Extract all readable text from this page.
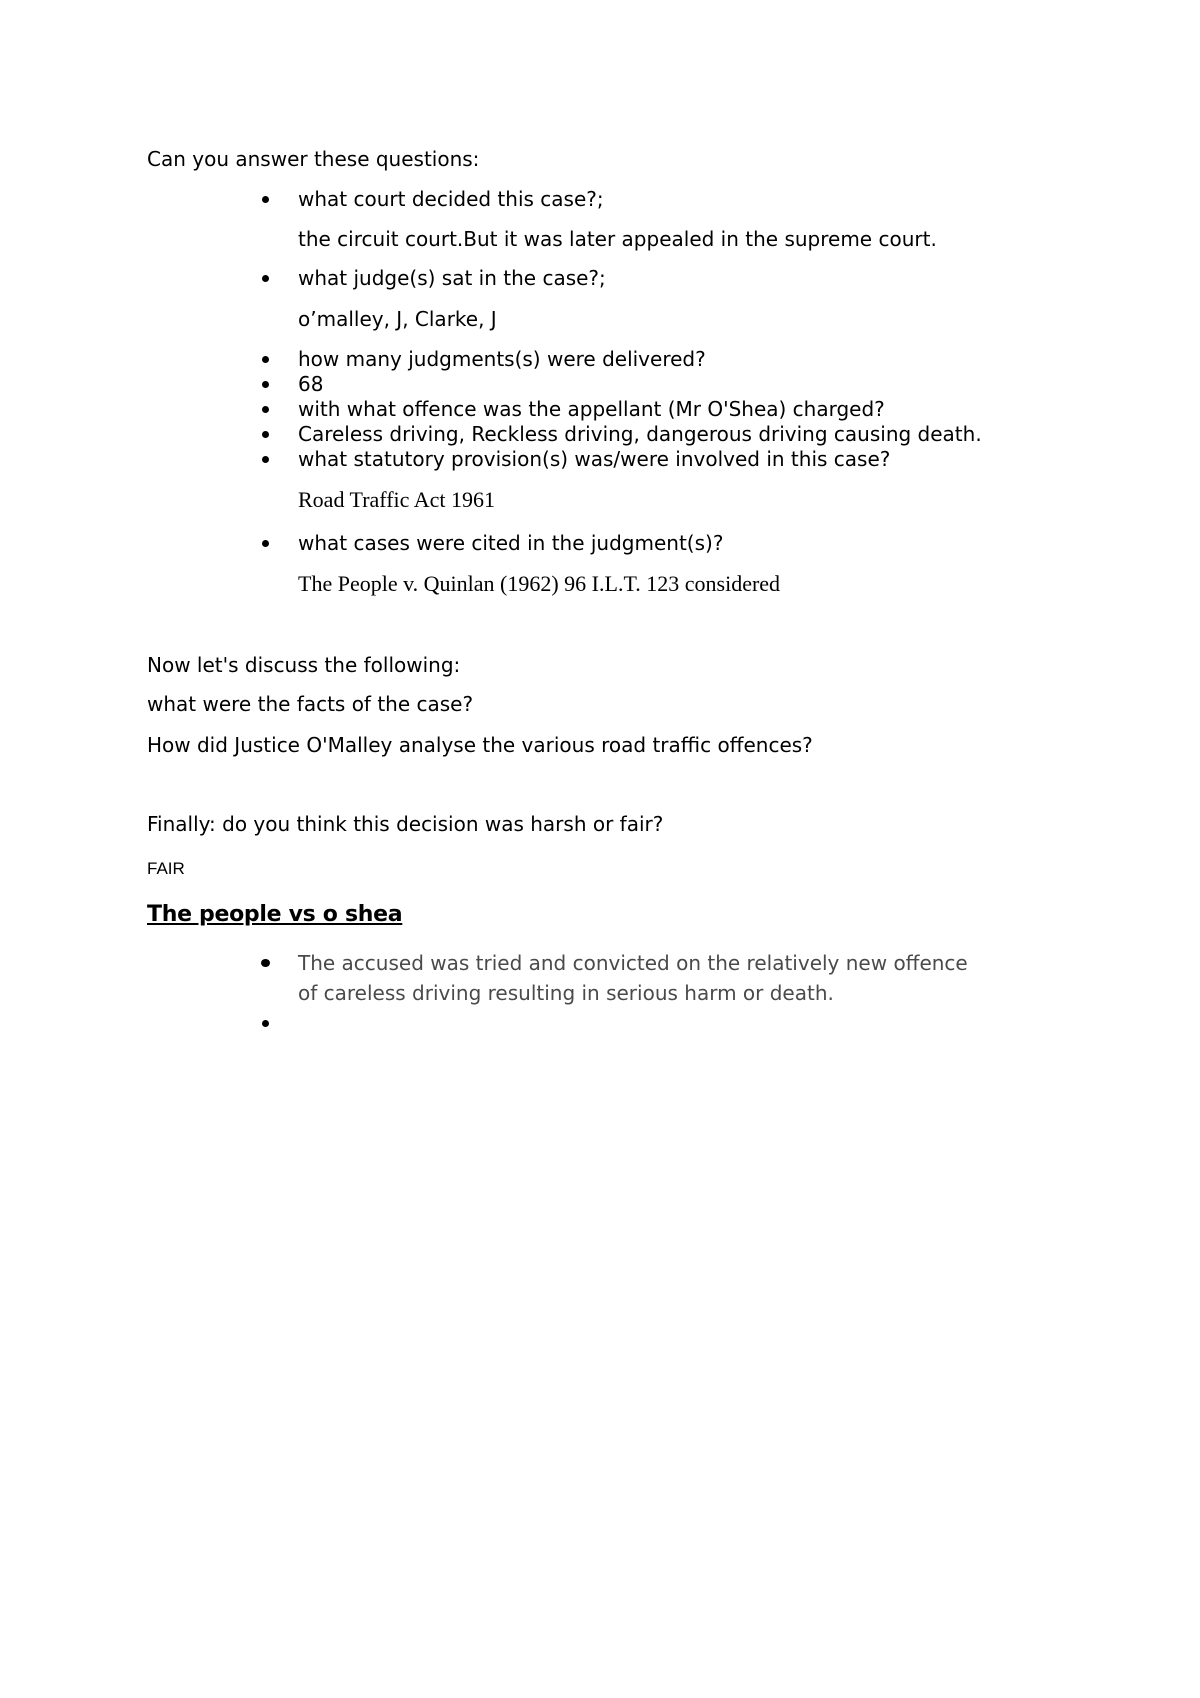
Can you answer these questions:
what court decided this case?;
the circuit court.But it was later appealed in the supreme court.
what judge(s) sat in the case?;
o’malley, J, Clarke, J
how many judgments(s) were delivered?
68
with what offence was the appellant (Mr O'Shea) charged?
Careless driving, Reckless driving, dangerous driving causing death.
what statutory provision(s) was/were involved in this case?
Road Traffic Act 1961
what cases were cited in the judgment(s)?
The People v. Quinlan (1962) 96 I.L.T. 123 considered
Now let's discuss the following:
what were the facts of the case?
How did Justice O'Malley analyse the various road traffic offences?
Finally: do you think this decision was harsh or fair?
FAIR
The people vs o shea
The accused was tried and convicted on the relatively new offence
of careless driving resulting in serious harm or death.
